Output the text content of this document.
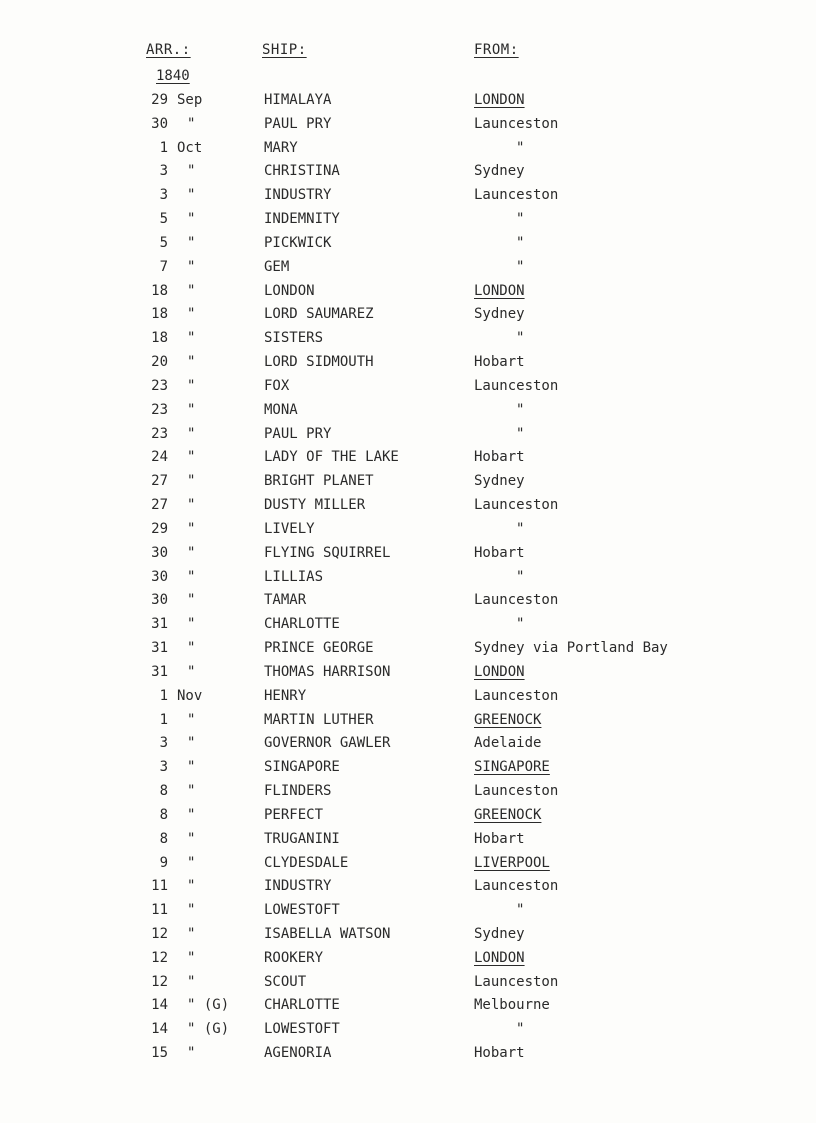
ARR.:	SHIP:	FROM:
1840
29 Sep	HIMALAYA	LONDON
30	"	PAUL PRY	Launceston
1 Oct	MARY	"
3	"	CHRISTINA	Sydney
3	"	INDUSTRY	Launceston
5	"	INDEMNITY	"
5	"	PICKWICK	"
7	"	GEM	"
18	"	LONDON	LONDON
18	"	LORD SAUMAREZ	Sydney
18	"	SISTERS	"
20	"	LORD SIDMOUTH	Hobart
23	"	FOX	Launceston
23	"	MONA	"
23	"	PAUL PRY	"
24	"	LADY OF THE LAKE	Hobart
27	"	BRIGHT PLANET	Sydney
27	"	DUSTY MILLER	Launceston
29	"	LIVELY	"
30	"	FLYING SQUIRREL	Hobart
30	"	LILLIAS	"
30	"	TAMAR	Launceston
31	"	CHARLOTTE	"
31	"	PRINCE GEORGE	Sydney via Portland Bay
31	"	THOMAS HARRISON	LONDON
1 Nov	HENRY	Launceston
1	"	MARTIN LUTHER	GREENOCK
3	"	GOVERNOR GAWLER	Adelaide
3	"	SINGAPORE	SINGAPORE
8	"	FLINDERS	Launceston
8	"	PERFECT	GREENOCK
8	"	TRUGANINI	Hobart
9	"	CLYDESDALE	LIVERPOOL
11	"	INDUSTRY	Launceston
11	"	LOWESTOFT	"
12	"	ISABELLA WATSON	Sydney
12	"	ROOKERY	LONDON
12	"	SCOUT	Launceston
14	" (G)	CHARLOTTE	Melbourne
14	" (G)	LOWESTOFT	"
15	"	AGENORIA	Hobart
